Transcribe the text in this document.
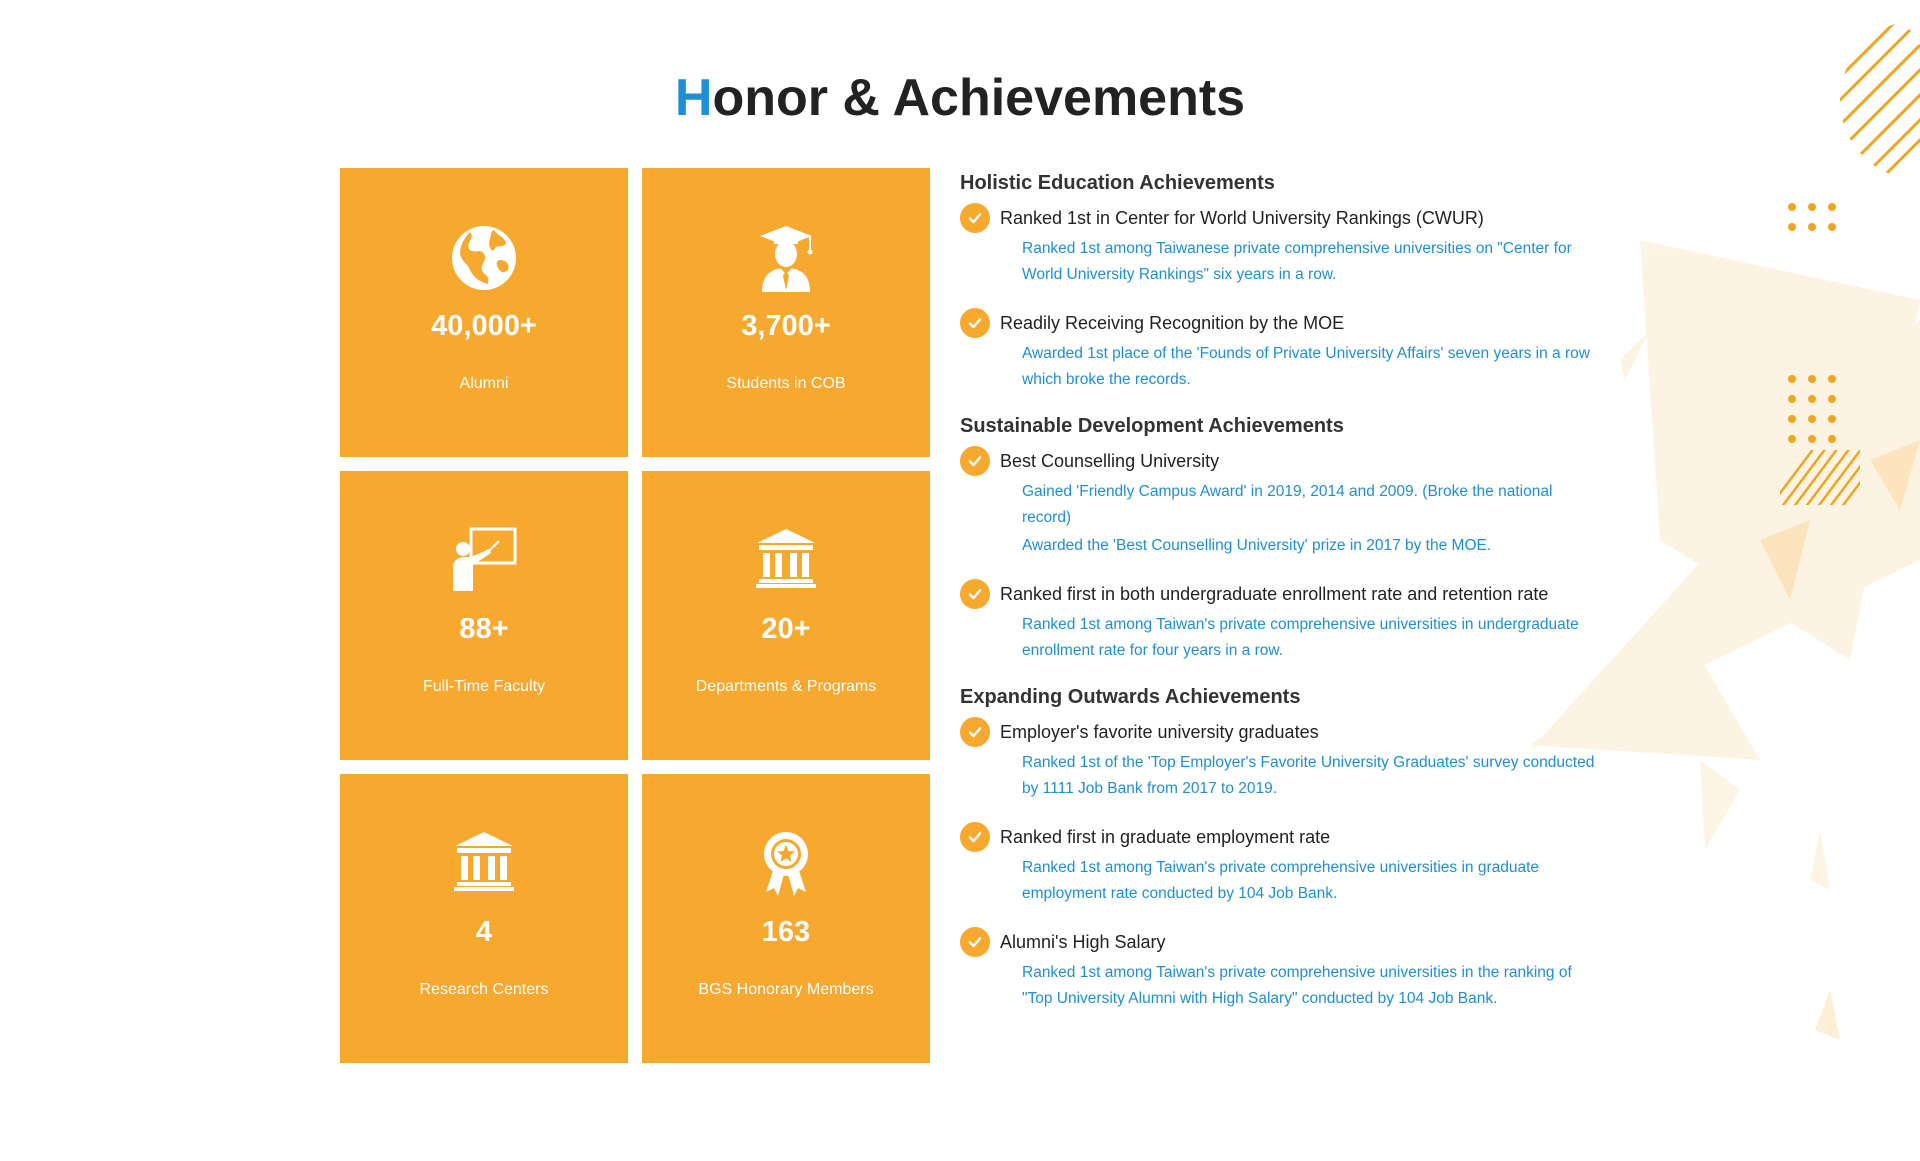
Honor & Achievements
40,000+
Alumni
3,700+
Students in COB
88+
Full-Time Faculty
20+
Departments & Programs
4
Research Centers
163
BGS Honorary Members
Holistic Education Achievements
Ranked 1st in Center for World University Rankings (CWUR)
Ranked 1st among Taiwanese private comprehensive universities on "Center for World University Rankings" six years in a row.
Readily Receiving Recognition by the MOE
Awarded 1st place of the 'Founds of Private University Affairs' seven years in a row which broke the records.
Sustainable Development Achievements
Best Counselling University
Gained 'Friendly Campus Award' in 2019, 2014 and 2009. (Broke the national record)
Awarded the 'Best Counselling University' prize in 2017 by the MOE.
Ranked first in both undergraduate enrollment rate and retention rate
Ranked 1st among Taiwan's private comprehensive universities in undergraduate enrollment rate for four years in a row.
Expanding Outwards Achievements
Employer's favorite university graduates
Ranked 1st of the 'Top Employer's Favorite University Graduates' survey conducted by 1111 Job Bank from 2017 to 2019.
Ranked first in graduate employment rate
Ranked 1st among Taiwan's private comprehensive universities in graduate employment rate conducted by 104 Job Bank.
Alumni's High Salary
Ranked 1st among Taiwan's private comprehensive universities in the ranking of "Top University Alumni with High Salary" conducted by 104 Job Bank.
